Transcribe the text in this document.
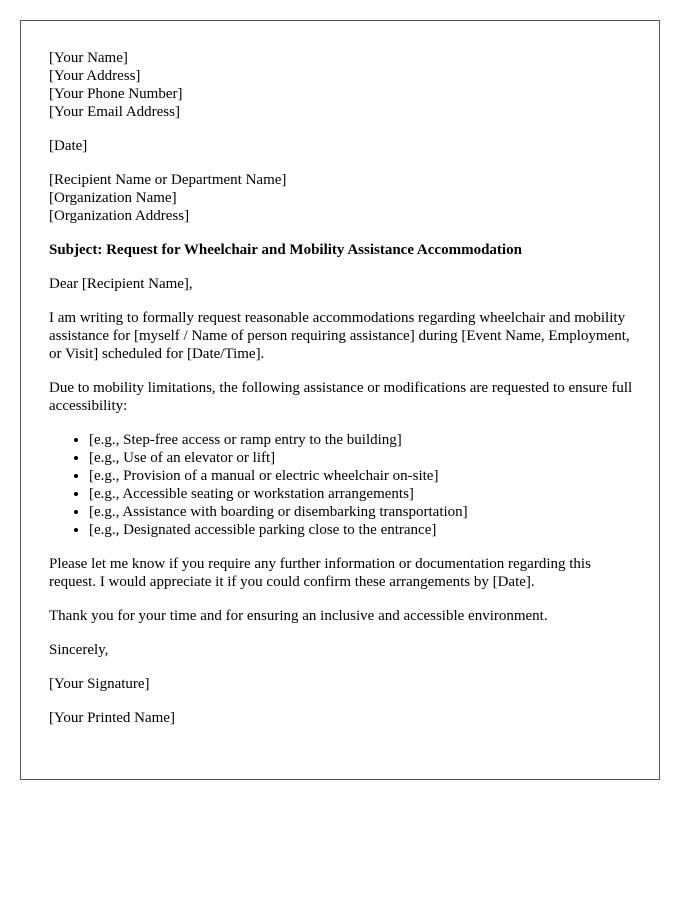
[Your Name]
[Your Address]
[Your Phone Number]
[Your Email Address]
[Date]
[Recipient Name or Department Name]
[Organization Name]
[Organization Address]

Subject: Request for Wheelchair and Mobility Assistance Accommodation

Dear [Recipient Name],

I am writing to formally request reasonable accommodations regarding wheelchair and mobility assistance for [myself / Name of person requiring assistance] during [Event Name, Employment, or Visit] scheduled for [Date/Time].

Due to mobility limitations, the following assistance or modifications are requested to ensure full accessibility:

• [e.g., Step-free access or ramp entry to the building]
• [e.g., Use of an elevator or lift]
• [e.g., Provision of a manual or electric wheelchair on-site]
• [e.g., Accessible seating or workstation arrangements]
• [e.g., Assistance with boarding or disembarking transportation]
• [e.g., Designated accessible parking close to the entrance]

Please let me know if you require any further information or documentation regarding this request. I would appreciate it if you could confirm these arrangements by [Date].

Thank you for your time and for ensuring an inclusive and accessible environment.

Sincerely,

[Your Signature]

[Your Printed Name]
